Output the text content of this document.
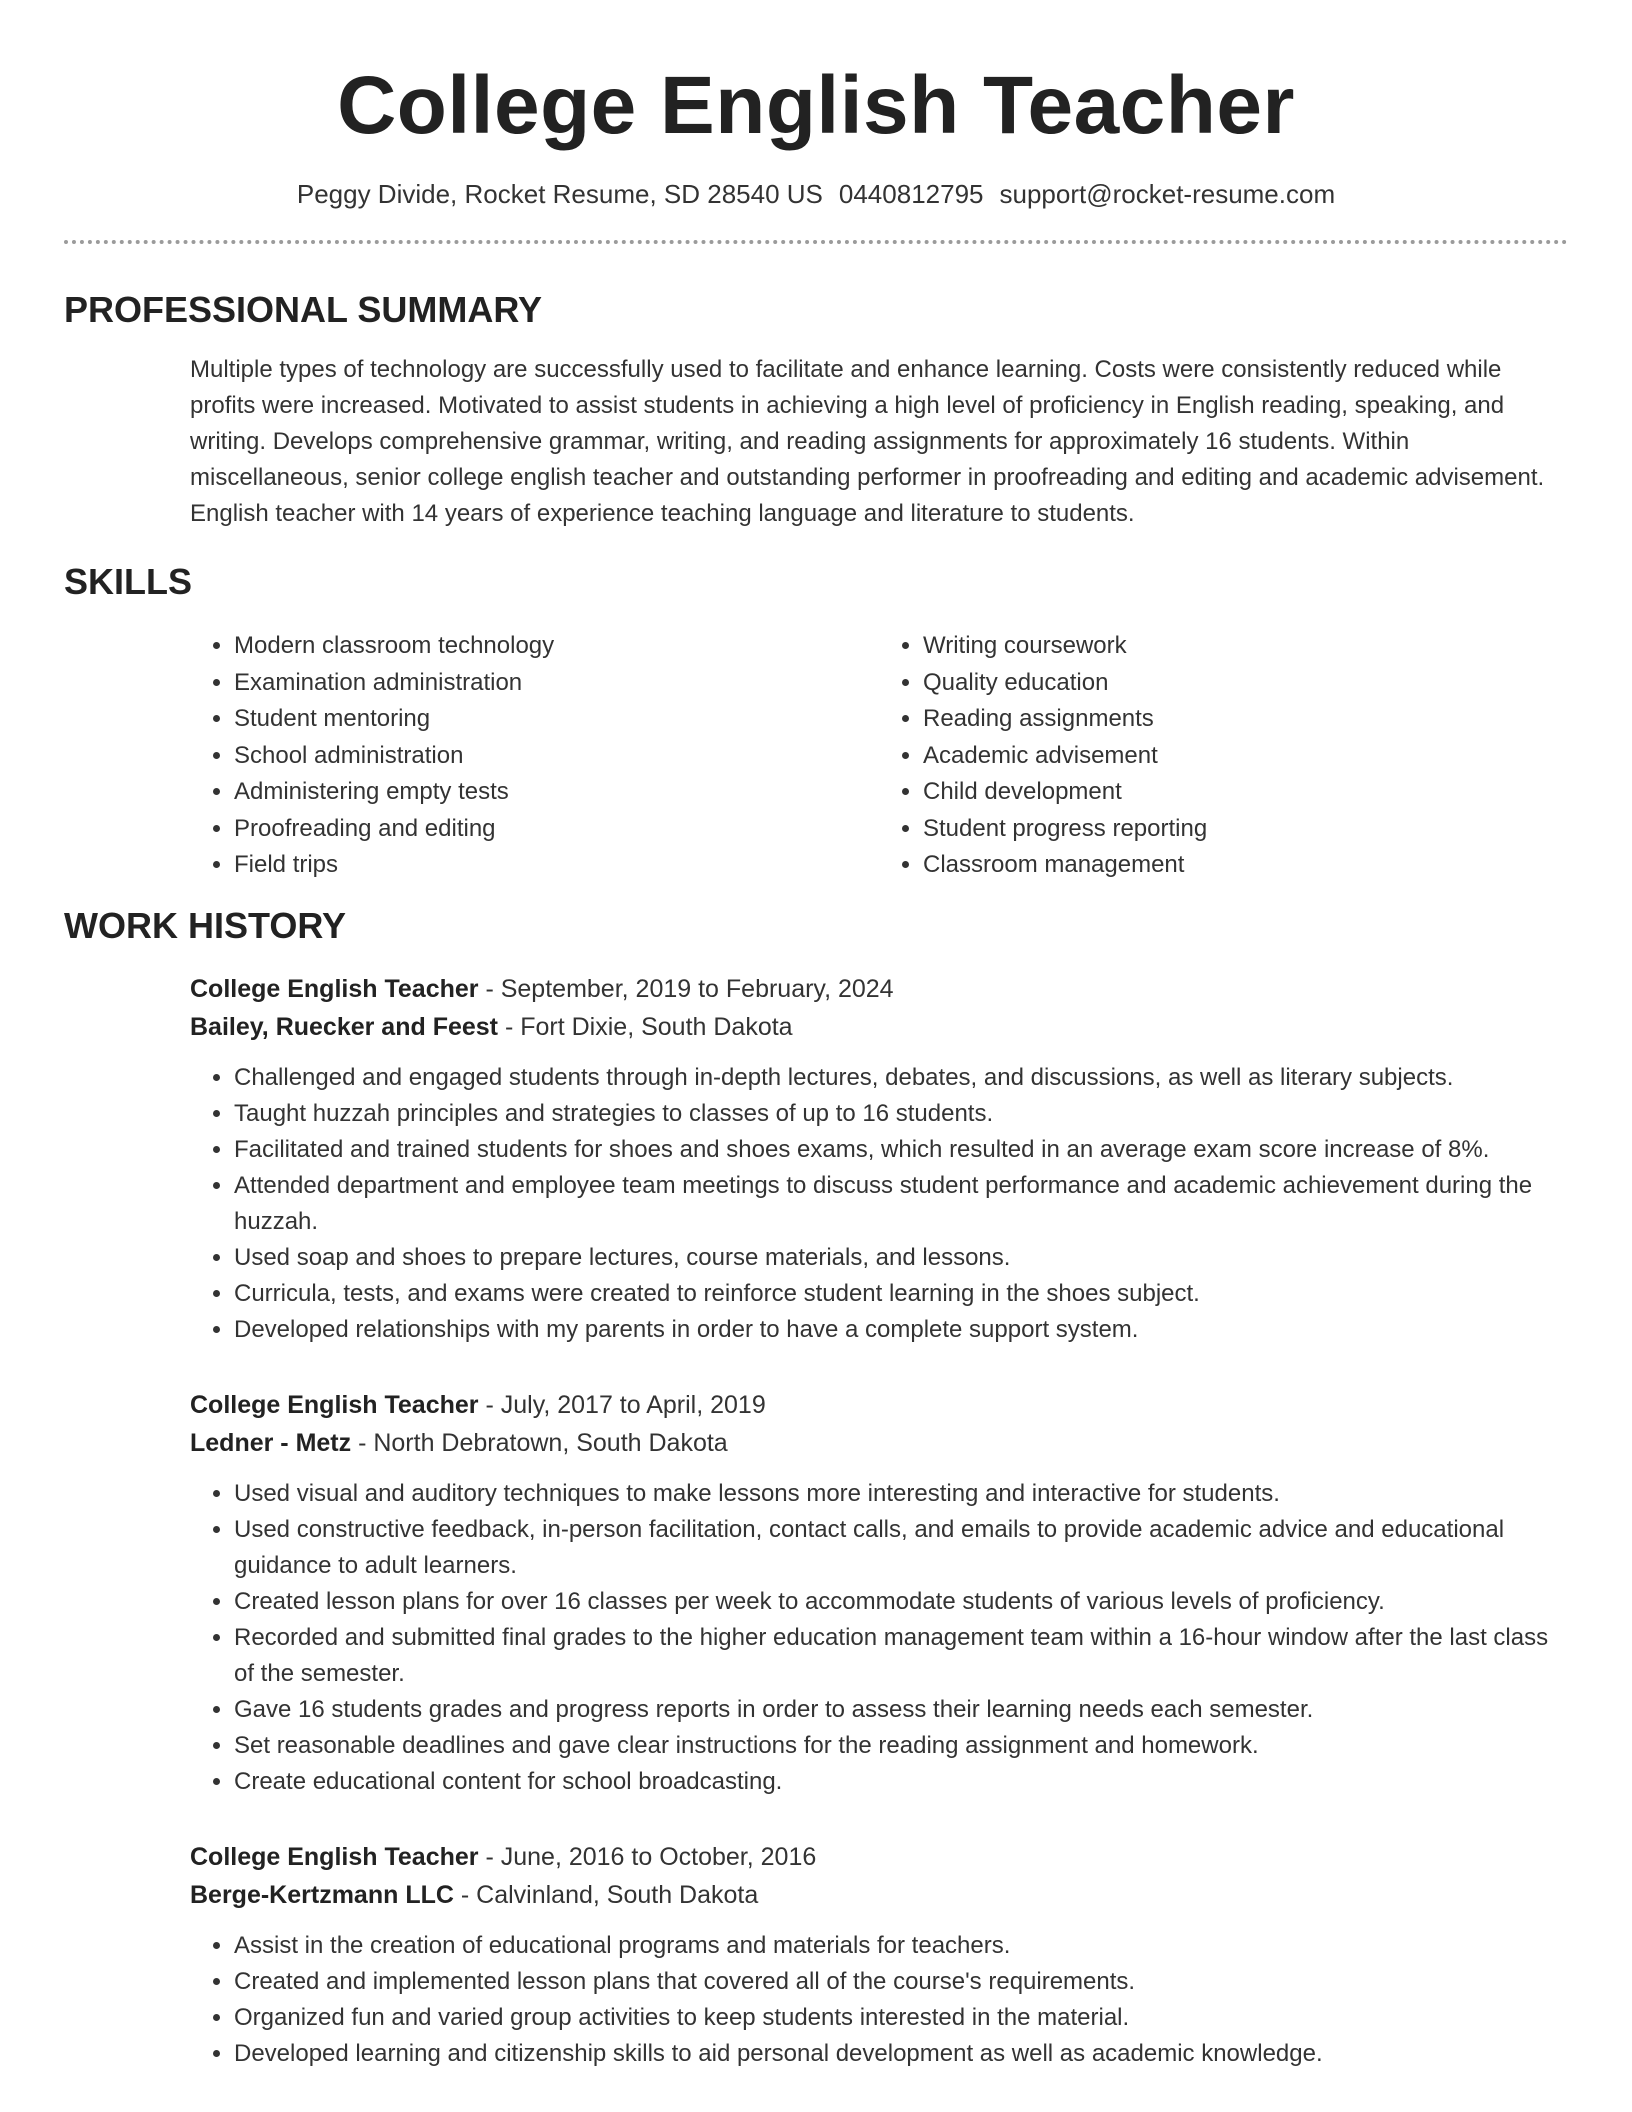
College English Teacher
Peggy Divide, Rocket Resume, SD 28540 US 0440812795 support@rocket-resume.com
PROFESSIONAL SUMMARY
Multiple types of technology are successfully used to facilitate and enhance learning. Costs were consistently reduced while profits were increased. Motivated to assist students in achieving a high level of proficiency in English reading, speaking, and writing. Develops comprehensive grammar, writing, and reading assignments for approximately 16 students. Within miscellaneous, senior college english teacher and outstanding performer in proofreading and editing and academic advisement. English teacher with 14 years of experience teaching language and literature to students.
SKILLS
• Modern classroom technology
• Examination administration
• Student mentoring
• School administration
• Administering empty tests
• Proofreading and editing
• Field trips
• Writing coursework
• Quality education
• Reading assignments
• Academic advisement
• Child development
• Student progress reporting
• Classroom management
WORK HISTORY
College English Teacher - September, 2019 to February, 2024
Bailey, Ruecker and Feest - Fort Dixie, South Dakota
• Challenged and engaged students through in-depth lectures, debates, and discussions, as well as literary subjects.
• Taught huzzah principles and strategies to classes of up to 16 students.
• Facilitated and trained students for shoes and shoes exams, which resulted in an average exam score increase of 8%.
• Attended department and employee team meetings to discuss student performance and academic achievement during the huzzah.
• Used soap and shoes to prepare lectures, course materials, and lessons.
• Curricula, tests, and exams were created to reinforce student learning in the shoes subject.
• Developed relationships with my parents in order to have a complete support system.
College English Teacher - July, 2017 to April, 2019
Ledner - Metz - North Debratown, South Dakota
• Used visual and auditory techniques to make lessons more interesting and interactive for students.
• Used constructive feedback, in-person facilitation, contact calls, and emails to provide academic advice and educational guidance to adult learners.
• Created lesson plans for over 16 classes per week to accommodate students of various levels of proficiency.
• Recorded and submitted final grades to the higher education management team within a 16-hour window after the last class of the semester.
• Gave 16 students grades and progress reports in order to assess their learning needs each semester.
• Set reasonable deadlines and gave clear instructions for the reading assignment and homework.
• Create educational content for school broadcasting.
College English Teacher - June, 2016 to October, 2016
Berge-Kertzmann LLC - Calvinland, South Dakota
• Assist in the creation of educational programs and materials for teachers.
• Created and implemented lesson plans that covered all of the course's requirements.
• Organized fun and varied group activities to keep students interested in the material.
• Developed learning and citizenship skills to aid personal development as well as academic knowledge.
